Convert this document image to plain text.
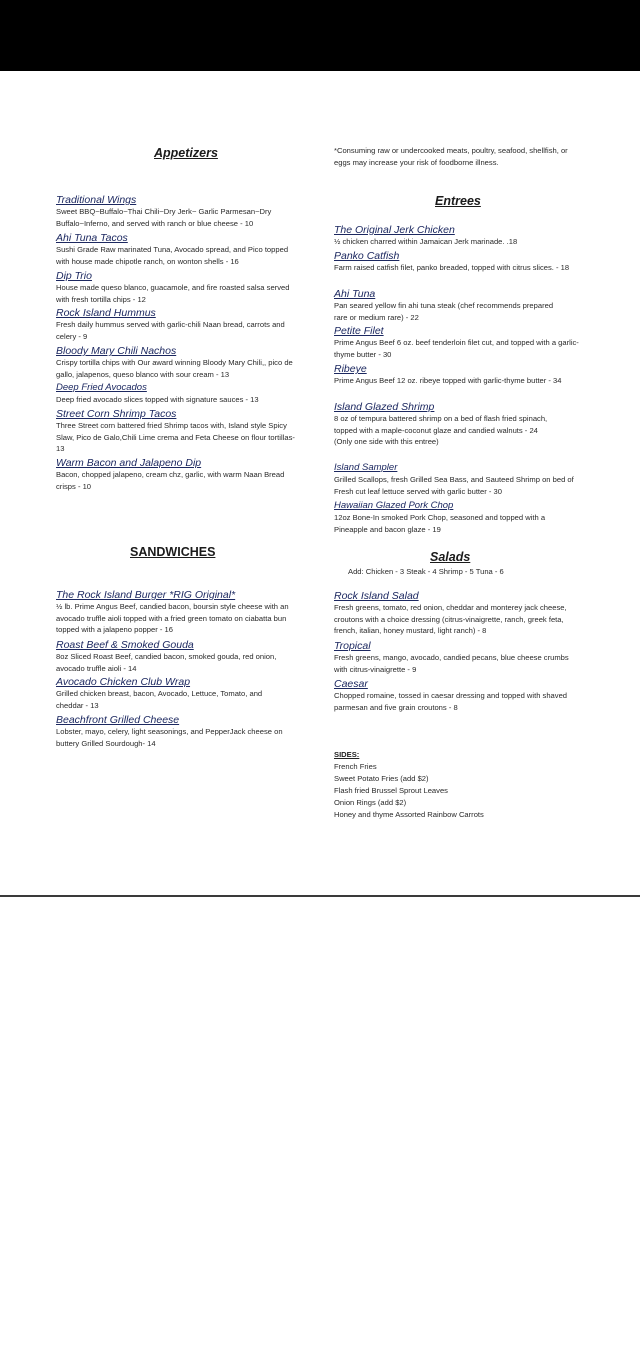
Appetizers
Traditional Wings
Sweet BBQ~Buffalo~Thai Chili~Dry Jerk~ Garlic Parmesan~Dry Buffalo~Inferno, and served with ranch or blue cheese - 10
Ahi Tuna Tacos
Sushi Grade Raw marinated Tuna, Avocado spread, and Pico topped with house made chipotle ranch, on wonton shells - 16
Dip Trio
House made queso blanco, guacamole, and fire roasted salsa served with fresh tortilla chips - 12
Rock Island Hummus
Fresh daily hummus served with garlic-chili Naan bread, carrots and celery - 9
Bloody Mary Chili Nachos
Crispy tortilla chips with Our award winning Bloody Mary Chili,, pico de gallo, jalapenos, queso blanco with sour cream - 13
Deep Fried Avocados
Deep fried avocado slices topped with signature sauces - 13
Street Corn Shrimp Tacos
Three Street corn battered fried Shrimp tacos with, Island style Spicy Slaw, Pico de Galo,Chili Lime crema and Feta Cheese on flour tortillas- 13
Warm Bacon and Jalapeno Dip
Bacon, chopped jalapeno, cream chz, garlic, with warm Naan Bread crisps - 10
*Consuming raw or undercooked meats, poultry, seafood, shellfish, or eggs may increase your risk of foodborne illness.
Entrees
The Original Jerk Chicken
½ chicken charred within Jamaican Jerk marinade. .18
Panko Catfish
Farm raised catfish filet, panko breaded, topped with citrus slices. - 18
Ahi Tuna
Pan seared yellow fin ahi tuna steak (chef recommends prepared rare or medium rare) - 22
Petite Filet
Prime Angus Beef 6 oz. beef tenderloin filet cut, and topped with a garlic-thyme butter - 30
Ribeye
Prime Angus Beef 12 oz. ribeye topped with garlic-thyme butter - 34
Island Glazed Shrimp
8 oz of tempura battered shrimp on a bed of flash fried spinach, topped with a maple-coconut glaze and candied walnuts - 24 (Only one side with this entree)
Island Sampler
Grilled Scallops, fresh Grilled Sea Bass, and Sauteed Shrimp on bed of Fresh cut leaf lettuce served with garlic butter - 30
Hawaiian Glazed Pork Chop
12oz Bone-In smoked Pork Chop, seasoned and topped with a Pineapple and bacon glaze - 19
SANDWICHES
The Rock Island Burger *RIG Original*
½ lb. Prime Angus Beef, candied bacon, boursin style cheese with an avocado truffle aioli topped with a fried green tomato on ciabatta bun topped with a jalapeno popper - 16
Roast Beef & Smoked Gouda
8oz Sliced Roast Beef, candied bacon, smoked gouda, red onion, avocado truffle aioli - 14
Avocado Chicken Club Wrap
Grilled chicken breast, bacon, Avocado, Lettuce, Tomato, and cheddar - 13
Beachfront Grilled Cheese
Lobster, mayo, celery, light seasonings, and PepperJack cheese on buttery Grilled Sourdough- 14
Salads
Add: Chicken - 3 Steak - 4 Shrimp - 5 Tuna - 6
Rock Island Salad
Fresh greens, tomato, red onion, cheddar and monterey jack cheese, croutons with a choice dressing (citrus-vinaigrette, ranch, greek feta, french, italian, honey mustard, light ranch) - 8
Tropical
Fresh greens, mango, avocado, candied pecans, blue cheese crumbs with citrus-vinaigrette - 9
Caesar
Chopped romaine, tossed in caesar dressing and topped with shaved parmesan and five grain croutons - 8
SIDES:
French Fries
Sweet Potato Fries (add $2)
Flash fried Brussel Sprout Leaves
Onion Rings (add $2)
Honey and thyme Assorted Rainbow Carrots
